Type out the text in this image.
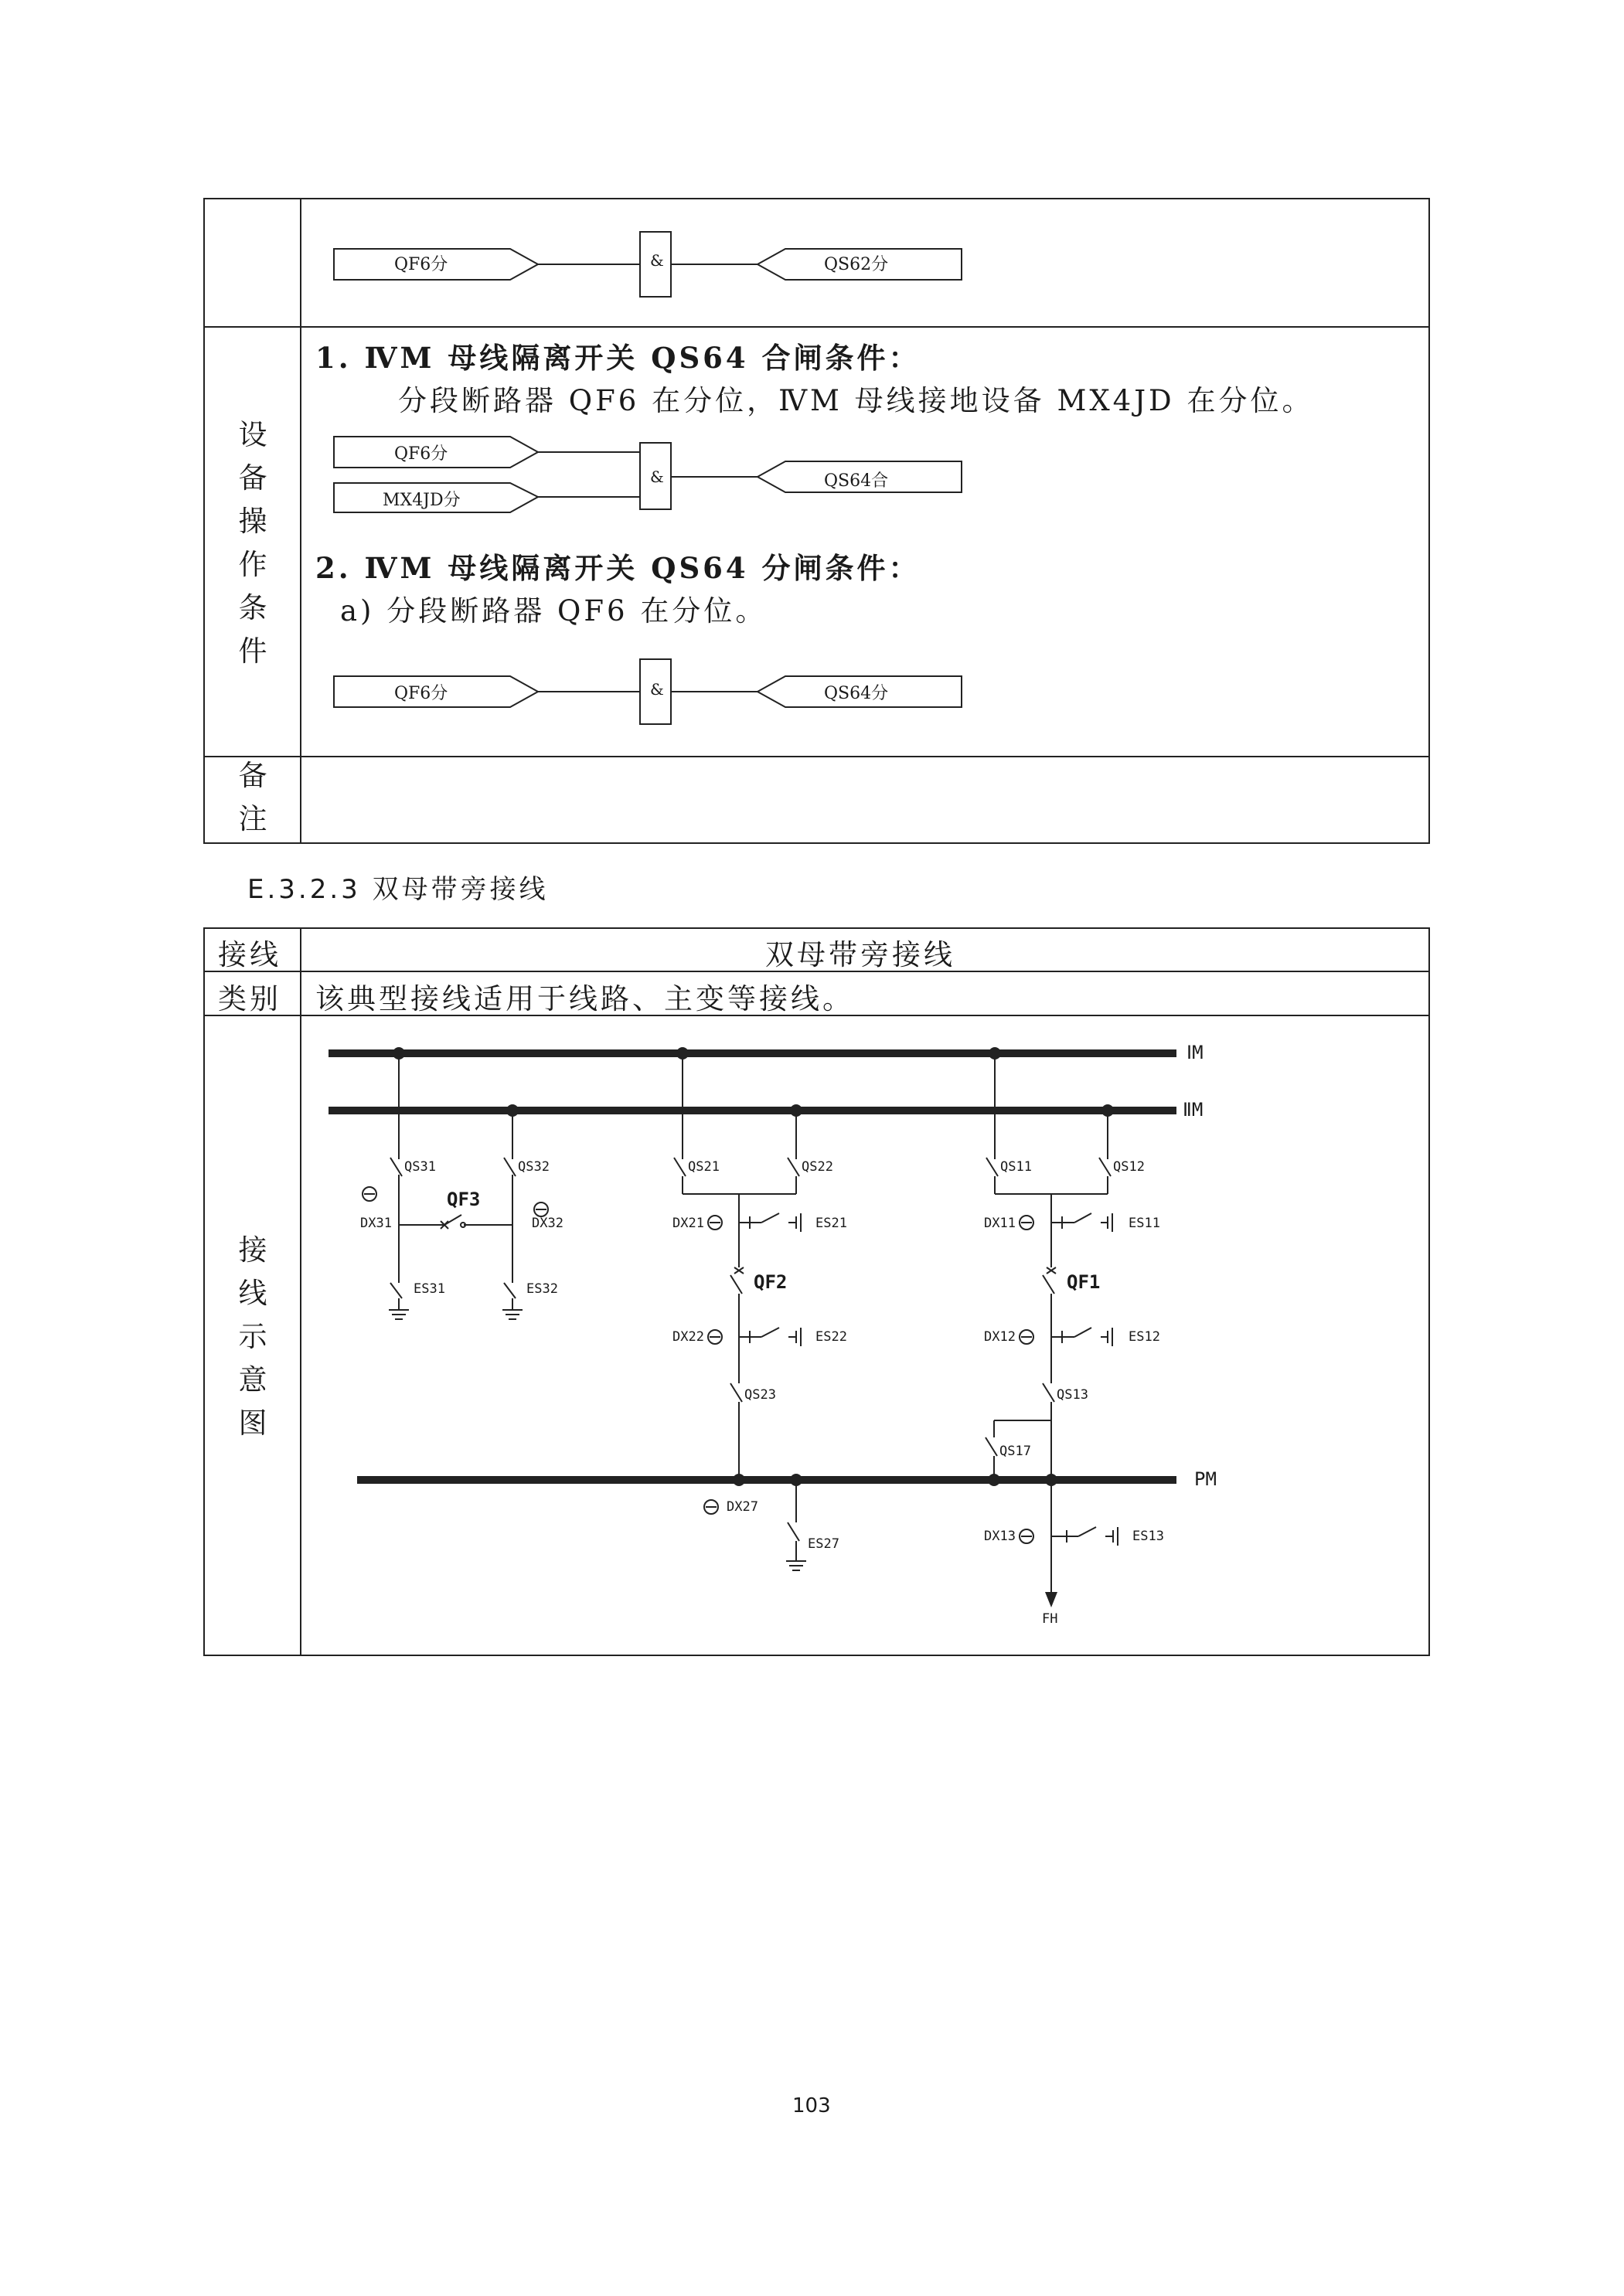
QF6分	&	QS62分
设
备
操
作
条
件
1. ⅣM 母线隔离开关 QS64 合闸条件：
分段断路器 QF6 在分位，ⅣM 母线接地设备 MX4JD 在分位。
QF6分
MX4JD分
&	QS64合
2. ⅣM 母线隔离开关 QS64 分闸条件：
a) 分段断路器 QF6 在分位。
QF6分	&	QS64分
备
注
E.3.2.3 双母带旁接线
接线	双母带旁接线
类别 该典型接线适用于线路、主变等接线。
接
线
示
意
图
ⅠM
ⅡM
PM
QS31	QS32
QF3
DX31	DX32
ES31	ES32
QS21	QS22
DX21	ES21
QF2
DX22	ES22
QS23
DX27
ES27
QS11	QS12
DX11	ES11
QF1
DX12	ES12
QS13
QS17
DX13	ES13
FH
103
